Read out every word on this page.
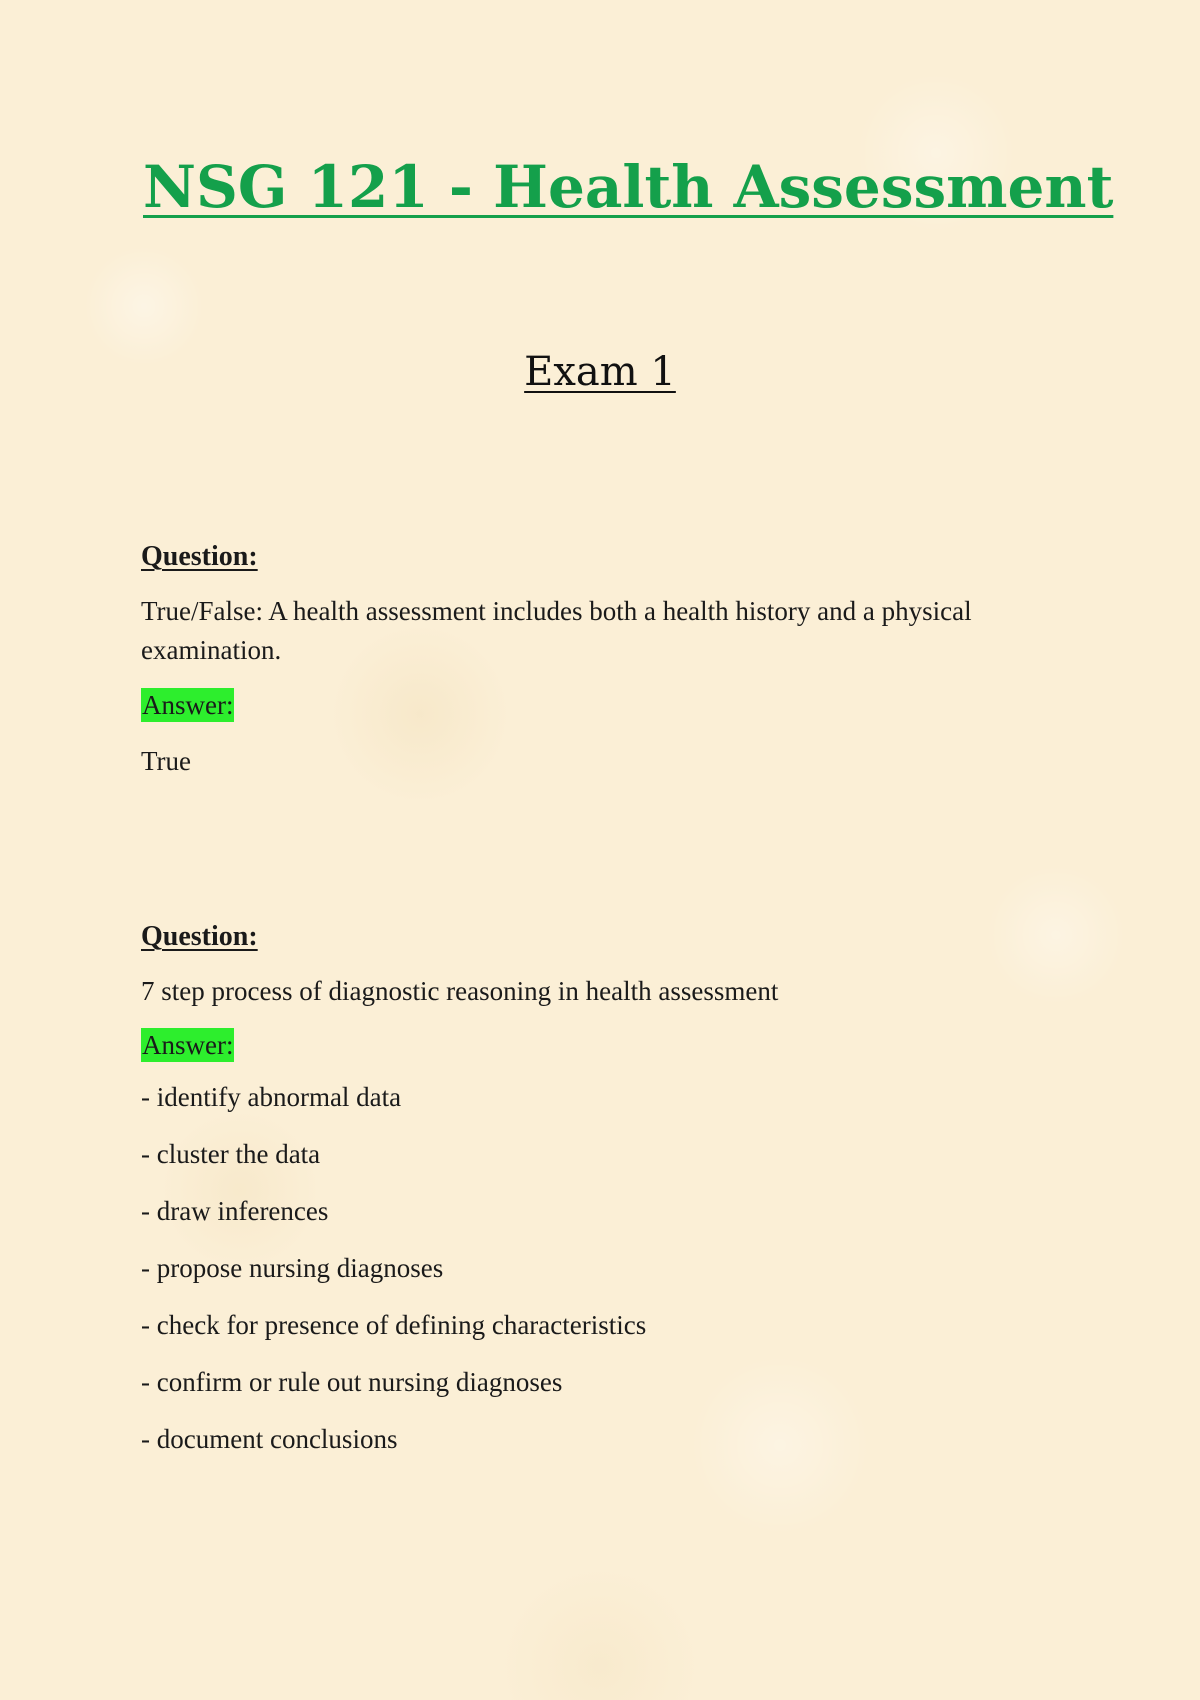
NSG 121 - Health Assessment
Exam 1

Question:

True/False: A health assessment includes both a health history and a physical examination.

Answer:

True

Question:

7 step process of diagnostic reasoning in health assessment

Answer:
- identify abnormal data
- cluster the data
- draw inferences
- propose nursing diagnoses
- check for presence of defining characteristics
- confirm or rule out nursing diagnoses
- document conclusions
